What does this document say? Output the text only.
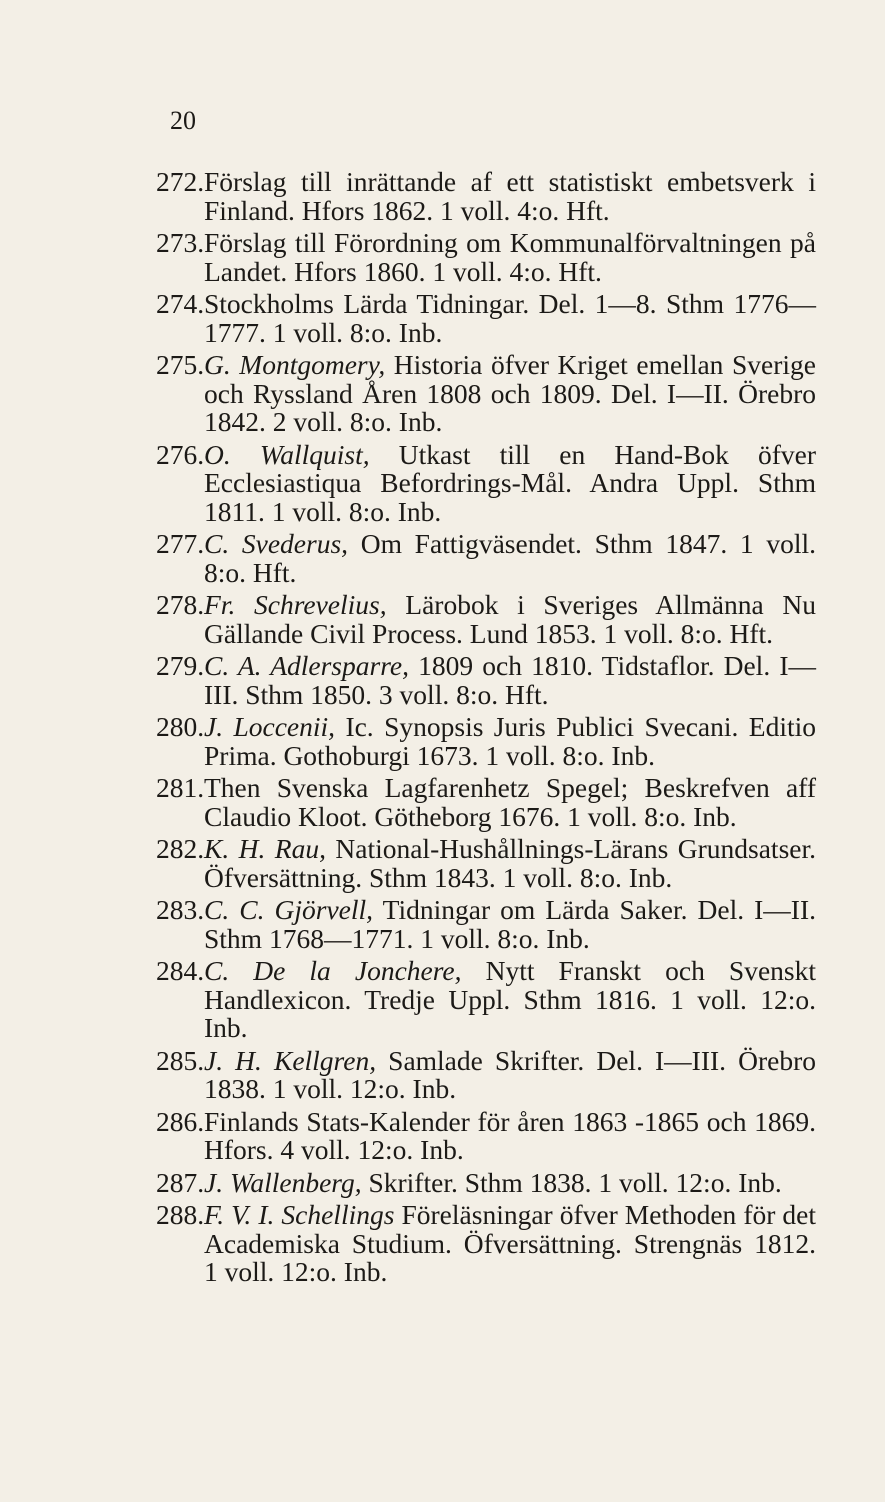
20
272. Förslag till inrättande af ett statistiskt embetsverk i Finland. Hfors 1862. 1 voll. 4:o. Hft.
273. Förslag till Förordning om Kommunalförvaltningen på Landet. Hfors 1860. 1 voll. 4:o. Hft.
274. Stockholms Lärda Tidningar. Del. 1—8. Sthm 1776—1777. 1 voll. 8:o. Inb.
275. G. Montgomery, Historia öfver Kriget emellan Sverige och Ryssland Åren 1808 och 1809. Del. I—II. Örebro 1842. 2 voll. 8:o. Inb.
276. O. Wallquist, Utkast till en Hand-Bok öfver Ecclesiastiqua Befordrings-Mål. Andra Uppl. Sthm 1811. 1 voll. 8:o. Inb.
277. C. Svederus, Om Fattigväsendet. Sthm 1847. 1 voll. 8:o. Hft.
278. Fr. Schrevelius, Lärobok i Sveriges Allmänna Nu Gällande Civil Process. Lund 1853. 1 voll. 8:o. Hft.
279. C. A. Adlersparre, 1809 och 1810. Tidstaflor. Del. I—III. Sthm 1850. 3 voll. 8:o. Hft.
280. J. Loccenii, Ic. Synopsis Juris Publici Svecani. Editio Prima. Gothoburgi 1673. 1 voll. 8:o. Inb.
281. Then Svenska Lagfarenhetz Spegel; Beskrefven aff Claudio Kloot. Götheborg 1676. 1 voll. 8:o. Inb.
282. K. H. Rau, National-Hushållnings-Lärans Grundsatser. Öfversättning. Sthm 1843. 1 voll. 8:o. Inb.
283. C. C. Gjörvell, Tidningar om Lärda Saker. Del. I—II. Sthm 1768—1771. 1 voll. 8:o. Inb.
284. C. De la Jonchere, Nytt Franskt och Svenskt Handlexicon. Tredje Uppl. Sthm 1816. 1 voll. 12:o. Inb.
285. J. H. Kellgren, Samlade Skrifter. Del. I—III. Örebro 1838. 1 voll. 12:o. Inb.
286. Finlands Stats-Kalender för åren 1863 -1865 och 1869. Hfors. 4 voll. 12:o. Inb.
287. J. Wallenberg, Skrifter. Sthm 1838. 1 voll. 12:o. Inb.
288. F. V. I. Schellings Föreläsningar öfver Methoden för det Academiska Studium. Öfversättning. Strengnäs 1812. 1 voll. 12:o. Inb.
